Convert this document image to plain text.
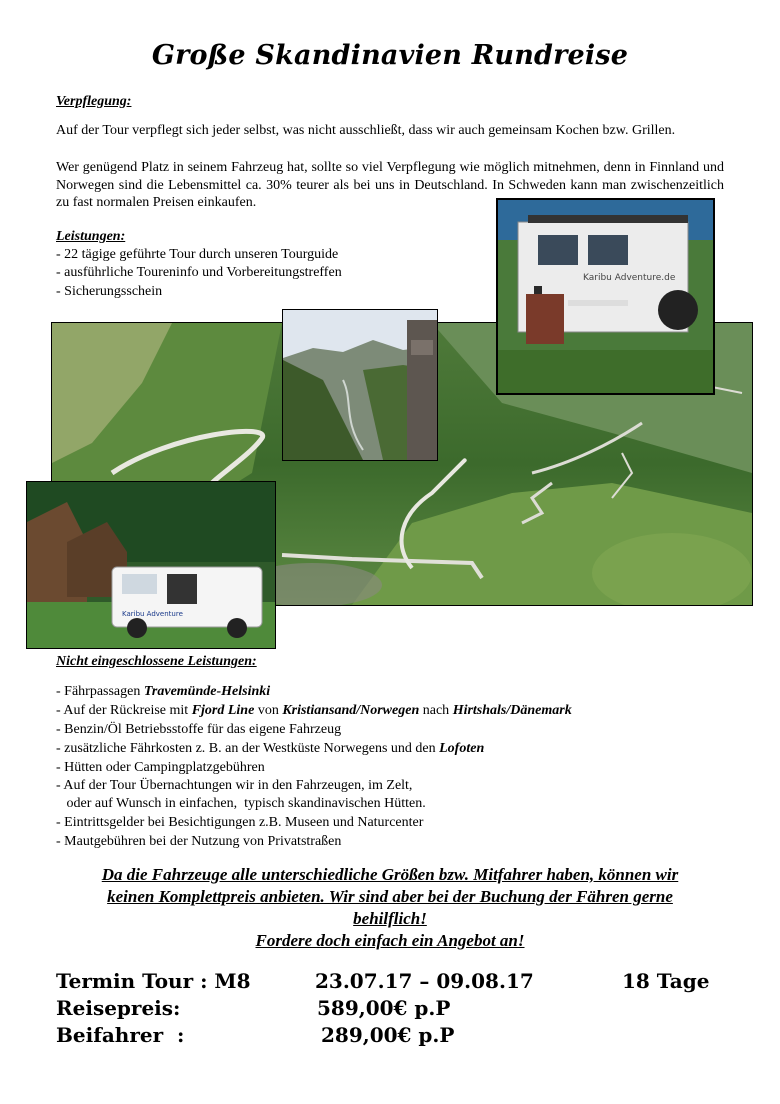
Große Skandinavien Rundreise
Verpflegung:
Auf der Tour verpflegt sich jeder selbst, was nicht ausschließt, dass wir auch gemeinsam Kochen bzw. Grillen.
Wer genügend Platz in seinem Fahrzeug hat, sollte so viel Verpflegung wie möglich mitnehmen, denn in Finnland und Norwegen sind die Lebensmittel ca. 30% teurer als bei uns in Deutschland. In Schweden kann man zwischenzeitlich zu fast normalen Preisen einkaufen.
Leistungen:
- 22 tägige geführte Tour durch unseren Tourguide
- ausführliche Toureninfo und Vorbereitungstreffen
- Sicherungsschein
Karibu Adventure.de
Karibu Adventure
Nicht eingeschlossene Leistungen:
- Fährpassagen Travemünde-Helsinki
- Auf der Rückreise mit Fjord Line von Kristiansand/Norwegen nach Hirtshals/Dänemark
- Benzin/Öl Betriebsstoffe für das eigene Fahrzeug
- zusätzliche Fährkosten z. B. an der Westküste Norwegens und den Lofoten
- Hütten oder Campingplatzgebühren
- Auf der Tour Übernachtungen wir in den Fahrzeugen, im Zelt,
oder auf Wunsch in einfachen,  typisch skandinavischen Hütten.
- Eintrittsgelder bei Besichtigungen z.B. Museen und Naturcenter
- Mautgebühren bei der Nutzung von Privatstraßen
Da die Fahrzeuge alle unterschiedliche Größen bzw. Mitfahrer haben, können wir
keinen Komplettpreis anbieten. Wir sind aber bei der Buchung der Fähren gerne
behilflich!
Fordere doch einfach ein Angebot an!
Termin Tour : M8	23.07.17 – 09.08.17	18 Tage
Reisepreis:	589,00€ p.P
Beifahrer  :	289,00€ p.P
